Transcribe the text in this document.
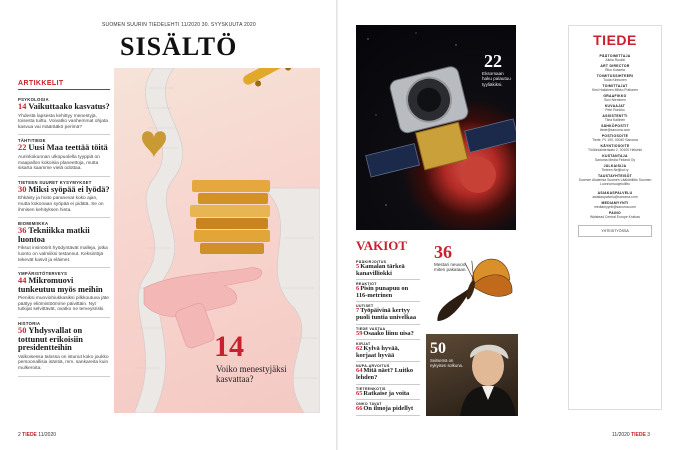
SUOMEN SUURIN TIEDELEHTI 11/2020 30. SYYSKUUTA 2020
SISÄLTÖ
ARTIKKELIT
PSYKOLOGIA
14 Vaikuttaako kasvatus?
Yhdestä lapsesta kehittyy menestyjä, toisesta tuittu. Voivatko vanhemmat ohjata kasvua vai määrääkö perimä?
TÄHTITIEDE
22 Uusi Maa teettää töitä
Aurinkokunnan ulkopuolella tyyppiä on maapallon kokoisia planeettoja, mutta sisarta saamme vielä odottaa.
TIETEEN SUURET KYSYMYKSET
30 Miksi syöpää ei lyödä?
Ehkäisy ja hoito paranevat koko ajan, mutta kokonaan syöpää ei pidätä. Se on ihmisen kehityksen hinta.
BIOMIMIIKKA
36 Tekniikka matkii luontoa
Fiksut insinöörit hyödyntävät malleja, jotka luonto on valmiiksi testannut. Keksintöjä tekevät kasvit ja eläimet.
YMPÄRISTÖTERVEYS
44 Mikromuovi tunkeutuu myös meihin
Pieniksi muoviohiukkasiksi pilkkoutuva jäte päätyy eliömistöömme päivittäin. Nyt tutkijat selvittävät, ovatko ne terveysriski.
HISTORIA
50 Yhdysvallat on tottunut erikoisiin presidentteihin
Valkoisessa talossa on istunut koko joukko persoonallisia isäntiä, mm. sankareita kuin mulkeroita.
14
Voiko menestyjäksi kasvattaa?
2 TIEDE 11/2020
22
Eksomaan haku palautuu tyyliäkiksi.
VAKIOT
PÄÄKIRJOITUS
5Kamalan tärkeä kanavilliokki
REAKTIOT
6Pisin punapuu on 116-metrinen
UUTISET
7Työpäivinä kertyy puoli tuntia univelkaa
TIEDE VASTAA
59Osaako liinu uisa?
KIRJAT
62Kylvä hyvää, korjaat hyvää
NUPA-ARVOITUS
64Mitä näet? Luitko lehden?
TIETEENKOTIS
65Ratkaise ja voita
ONKO TAVAT
66On ilmoja pidellyt
36
Mestari neuvoo, miten pakataan.
50
Seitsemä on nykyisen solkuna.
TIEDE
PÄÄTOIMITTAJA
Jukka Ruukki
ART DIRECTOR
Riku Koskela
TOIMITUSSIHTEERI
Tuula Kinnunen
TOIMITTAJAT
Kirsi Hakkinen Mikko Puttonen
GRAAFIKKO
Suvi Nieminen
KUVAAJAT
Petri Ronkko
ASSISTENTTI
Tiina Kallinen
SÄHKÖPOSTIT
tiede@sanoma.com
POSTIOSOITE
Tiede, PL 100, 00040 Sanoma
KÄYNTIOSOITE
Töölönlahdenkatu 2, 00100 Helsinki
KUSTANTAJA
Sanoma Media Finland Oy
JULKAISIJA
Tieteen Neljikut ry
TAUSTAYHTEISÖT
Suomen Akatemia Suomen Lääkäriliitto Suomen Luonnonsuojeluliitto
ASIAKASPALVELU
asiakaspalvelu@sanoma.com
MEDIAMYYNTI
mediamyynti@sanoma.com
PAINO
Walstead Central Europe Krakow
YHTEISTYÖSSÄ
11/2020 TIEDE 3
